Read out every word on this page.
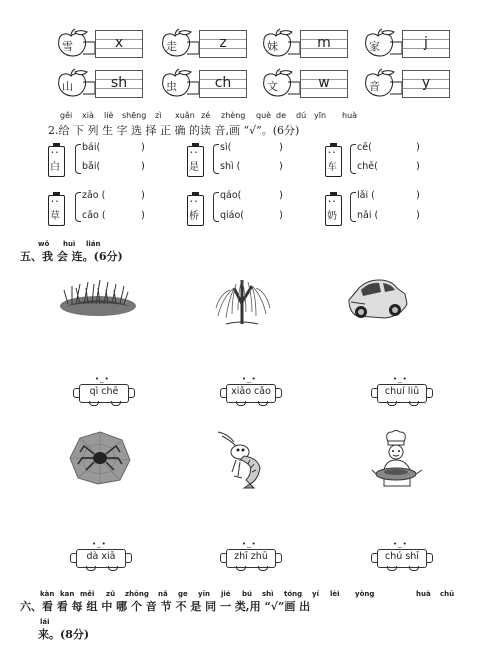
雪	x	走	z	妹	m	家	j
山	sh	虫	ch	文	w	音	y
gěi xià liè shēng zì xuǎn zé zhèng què de dú yīn huà
2.给 下 列 生 字 选 择 正 确 的读 音,画 “√”。(6分)
• •
白
bái(	)
bǎi(	)
• •
是
sì(	)
shì (	)
• •
车
cē(	)
chē(	)
• •
草
zǎo (	)
cǎo (	)
• •
桥
qáo(	)
qiáo(	)
• •
奶
lǎi (	)
nǎi (	)
wǒ huì lián
五、我 会 连。(6分)
•_•
qì chē
•_•
xiǎo cǎo
•_•
chuí liǔ
•_•
dà xiā
•_•
zhī zhū
•_•
chú shī
kàn kan měi zǔ zhōng nǎ ge yīn jié bú shì tóng yí lèi yòng	huà chū
六、看 看 每 组 中 哪 个 音 节 不 是 同 一 类,用 “√”画 出
lái
来。(8分)
